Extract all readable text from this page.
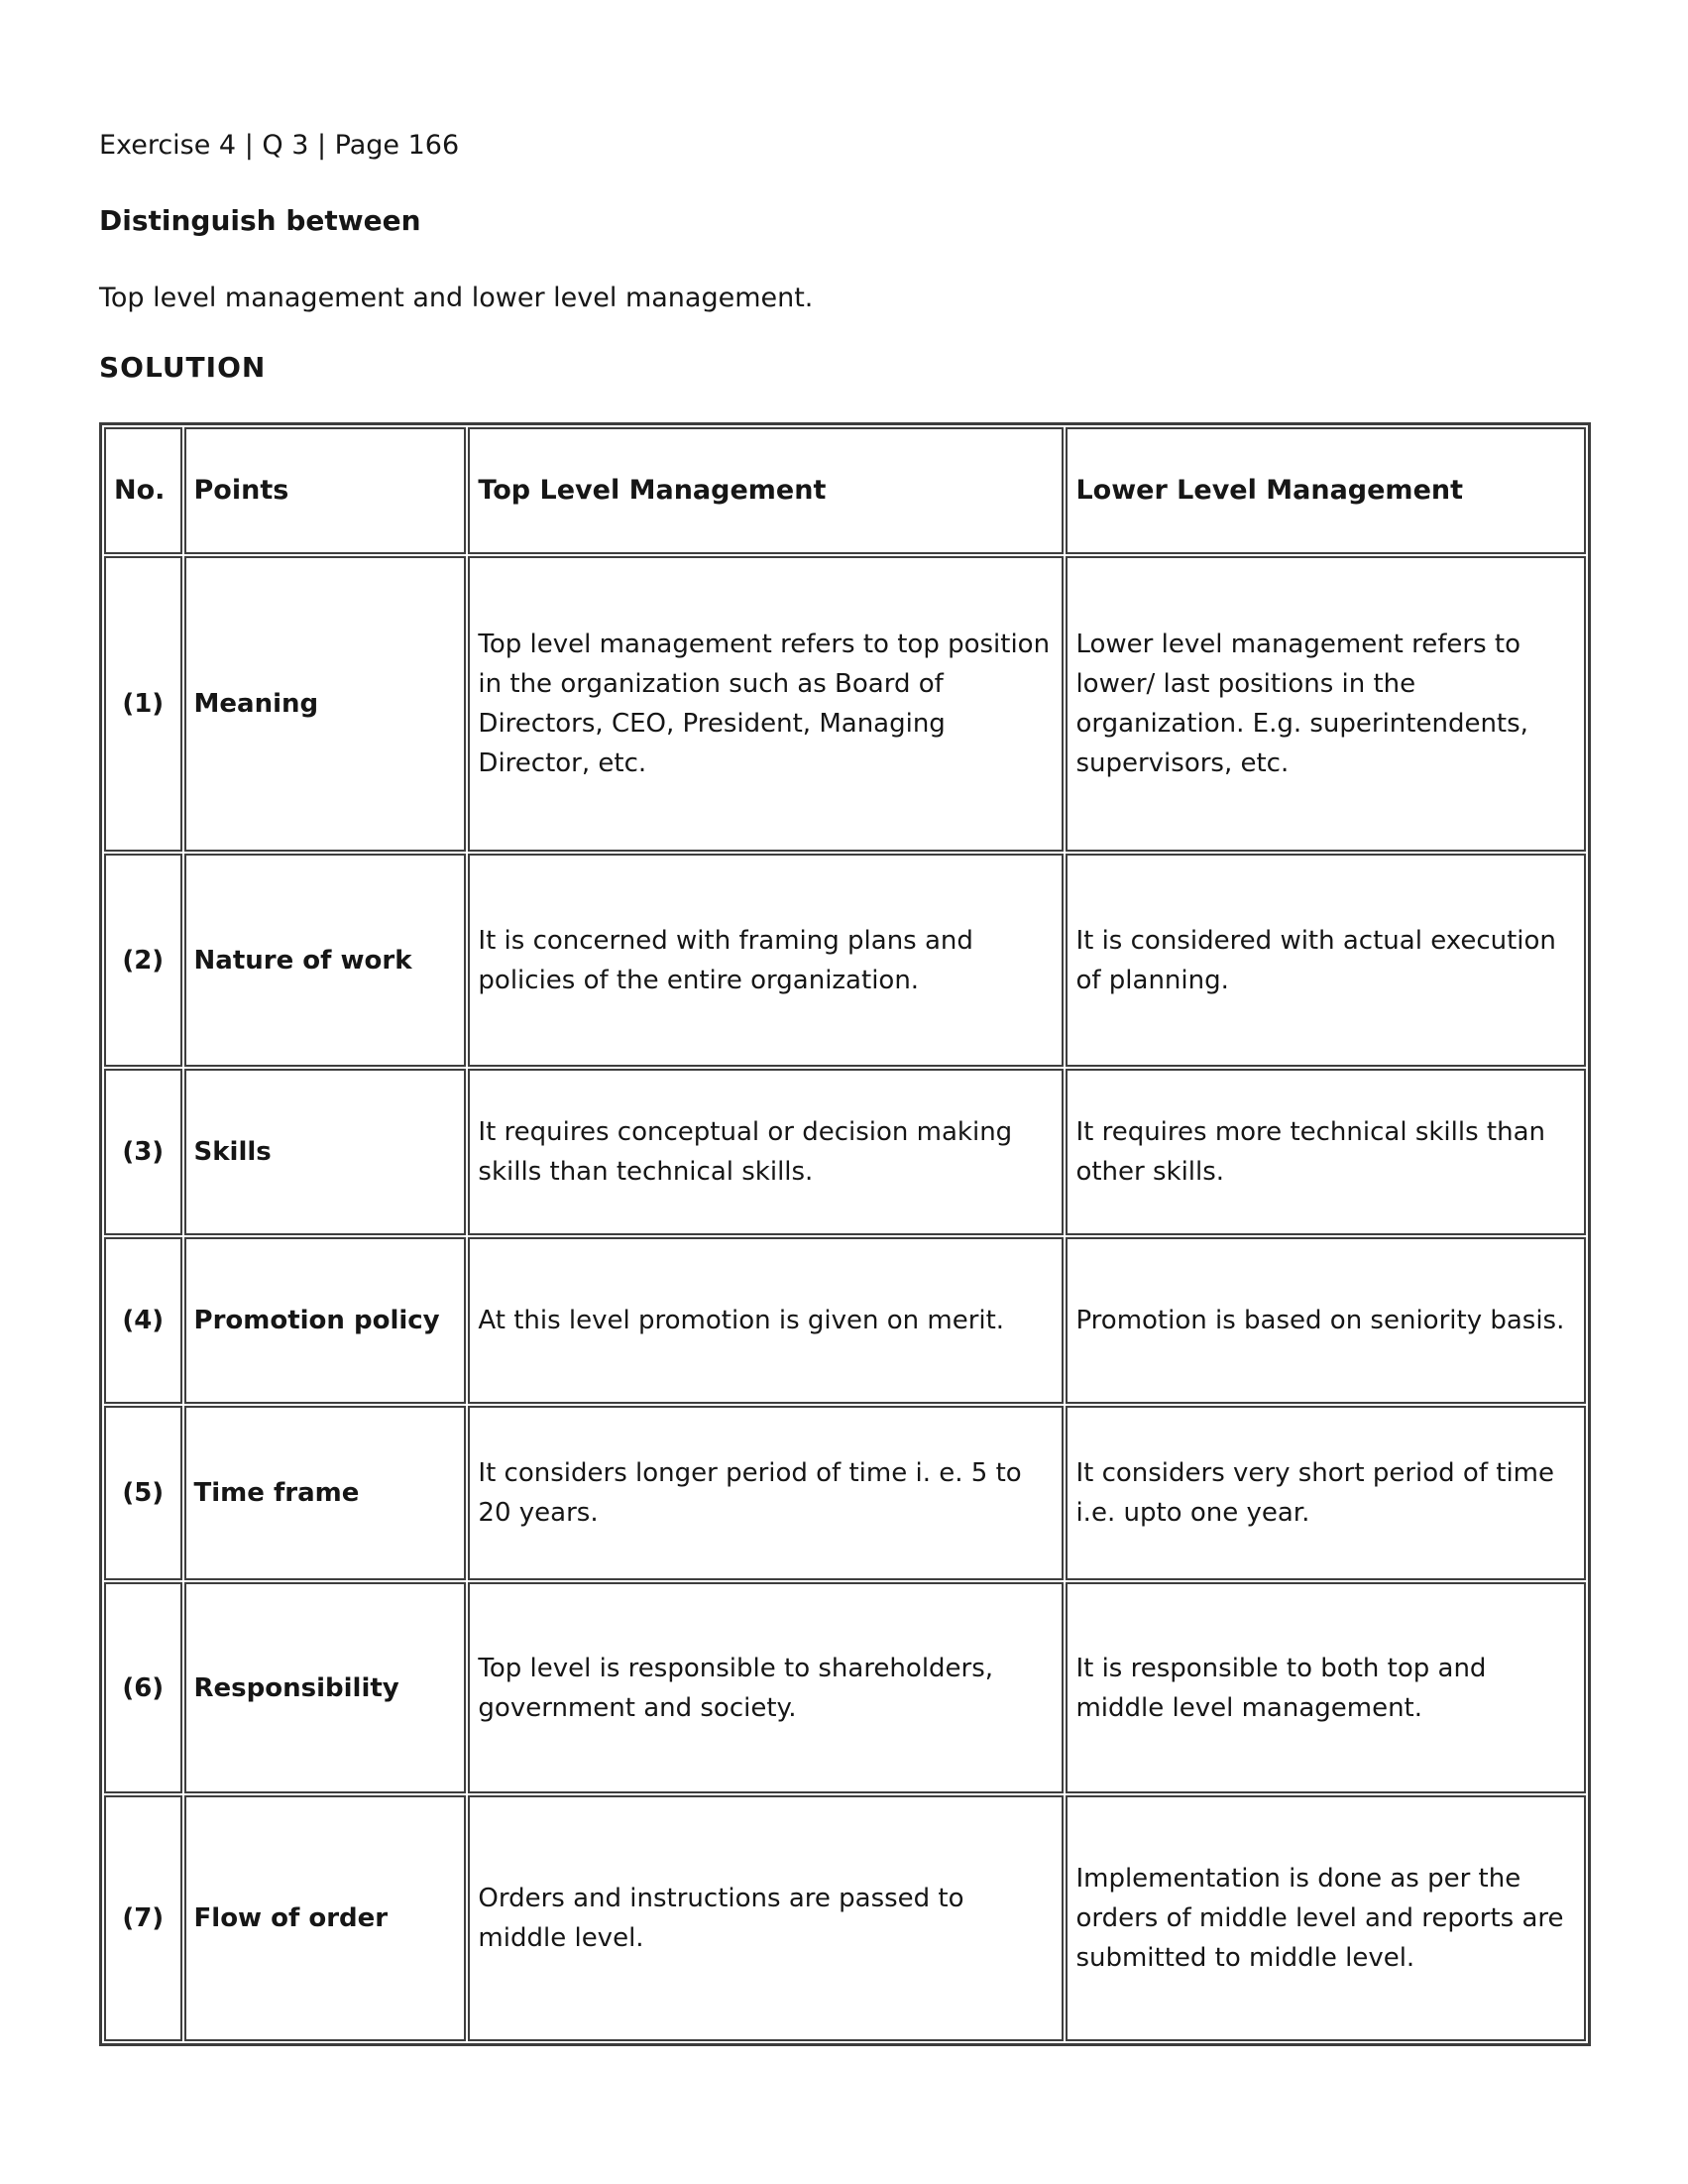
Exercise 4 | Q 3 | Page 166

Distinguish between

Top level management and lower level management.

SOLUTION
No.	Points	Top Level Management	Lower Level Management
(1)	Meaning	Top level management refers to top position in the organization such as Board of Directors, CEO, President, Managing Director, etc.	Lower level management refers to lower/ last positions in the organization. E.g. superintendents, supervisors, etc.
(2)	Nature of work	It is concerned with framing plans and policies of the entire organization.	It is considered with actual execution of planning.
(3)	Skills	It requires conceptual or decision making skills than technical skills.	It requires more technical skills than other skills.
(4)	Promotion policy	At this level promotion is given on merit.	Promotion is based on seniority basis.
(5)	Time frame	It considers longer period of time i. e. 5 to 20 years.	It considers very short period of time i.e. upto one year.
(6)	Responsibility	Top level is responsible to shareholders, government and society.	It is responsible to both top and middle level management.
(7)	Flow of order	Orders and instructions are passed to middle level.	Implementation is done as per the orders of middle level and reports are submitted to middle level.
